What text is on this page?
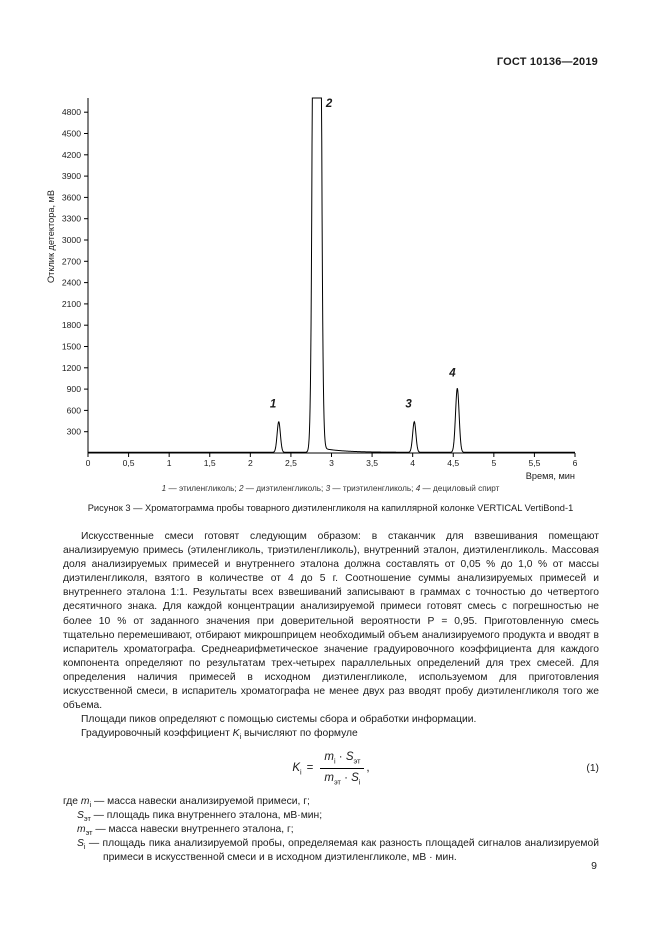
ГОСТ 10136—2019
300
600
900
1200
1500
1800
2100
2400
2700
3000
3300
3600
3900
4200
4500
4800
0	0,5	1	1,5	2	2,5	3	3,5	4	4,5	5	5,5	6
1
2
3
4
Время, мин
Отклик детектора, мВ
1 — этиленгликоль; 2 — диэтиленгликоль; 3 — триэтиленгликоль; 4 — дециловый спирт
Рисунок 3 — Хроматограмма пробы товарного диэтиленгликоля на капиллярной колонке VERTICAL VertiBond-1

Искусственные смеси готовят следующим образом: в стаканчик для взвешивания помещают анализируемую примесь (этиленгликоль, триэтиленгликоль), внутренний эталон, диэтиленгликоль. Массовая доля анализируемых примесей и внутреннего эталона должна составлять от 0,05 % до 1,0 % от массы диэтиленгликоля, взятого в количестве от 4 до 5 г. Соотношение суммы анализируемых примесей и внутреннего эталона 1:1. Результаты всех взвешиваний записывают в граммах с точностью до четвертого десятичного знака. Для каждой концентрации анализируемой примеси готовят смесь с погрешностью не более 10 % от заданного значения при доверительной вероятности Р = 0,95. Приготовленную смесь тщательно перемешивают, отбирают микрошприцем необходимый объем анализируемого продукта и вводят в испаритель хроматографа. Среднеарифметическое значение градуировочного коэффициента для каждого компонента определяют по результатам трех-четырех параллельных определений для трех смесей. Для определения наличия примесей в исходном диэтиленгликоле, используемом для приготовления искусственной смеси, в испаритель хроматографа не менее двух раз вводят пробу диэтиленгликоля того же объема.

Площади пиков определяют с помощью системы сбора и обработки информации.

Градуировочный коэффициент $K_i$ вычисляют по формуле

$K_i = \frac{m_i \cdot S_{эт}}{m_{эт} \cdot S_i}$ ,	(1)
где $m_i$ — масса навески анализируемой примеси, г;
$S_{эт}$ — площадь пика внутреннего эталона, мВ·мин;
$m_{эт}$ — масса навески внутреннего эталона, г;
$S_i$ — площадь пика анализируемой пробы, определяемая как разность площадей сигналов анализируемой примеси в искусственной смеси и в исходном диэтиленгликоле, мВ · мин.
9
